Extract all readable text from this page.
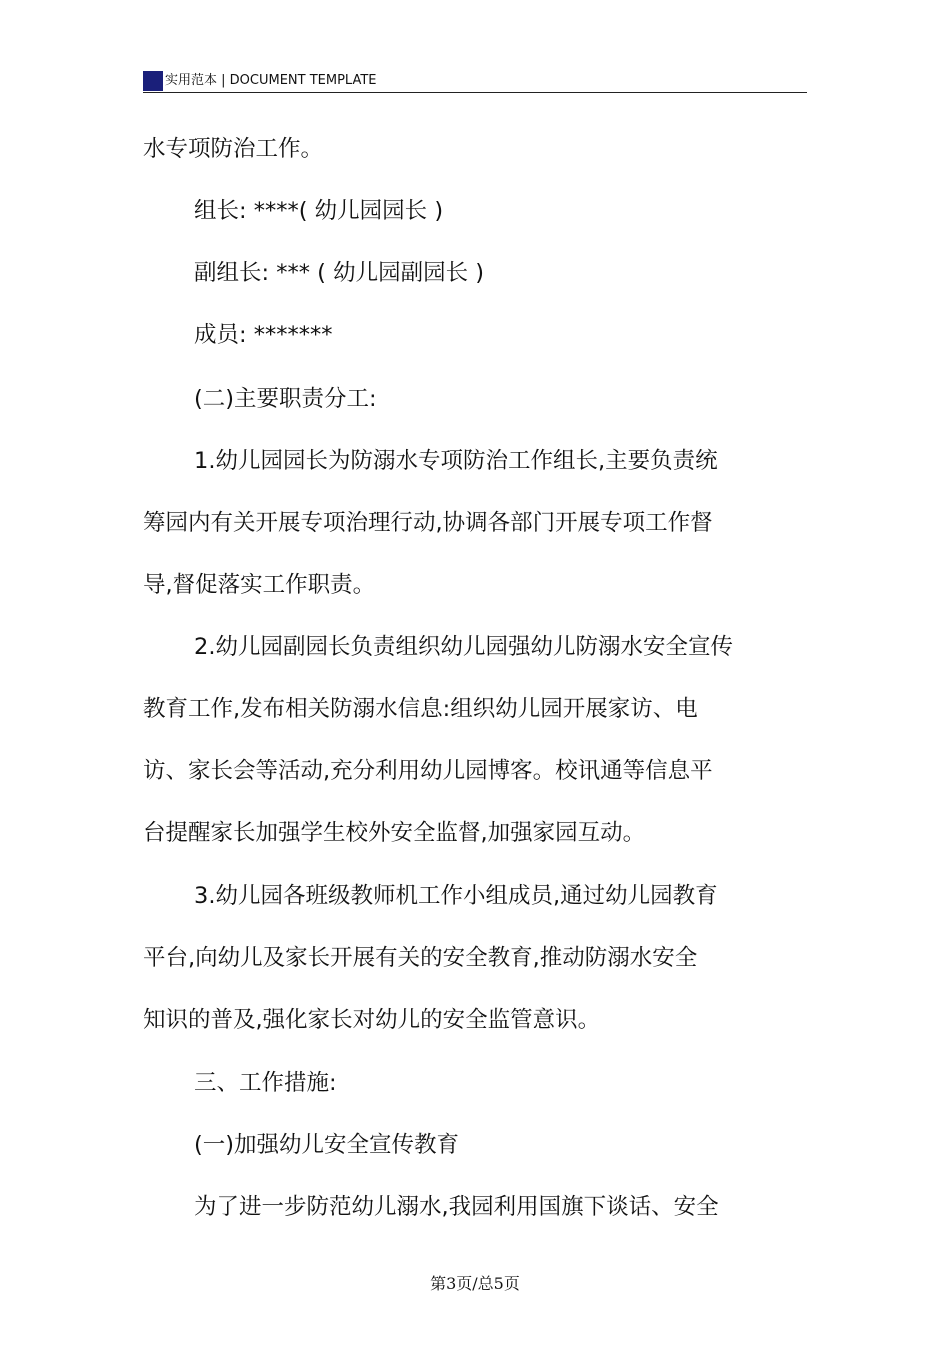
实用范本 | DOCUMENT TEMPLATE
水专项防治工作。
组长: ****( 幼儿园园长 )
副组长: *** ( 幼儿园副园长 )
成员: *******
(二)主要职责分工:
1.幼儿园园长为防溺水专项防治工作组长,主要负责统
筹园内有关开展专项治理行动,协调各部门开展专项工作督
导,督促落实工作职责。
2.幼儿园副园长负责组织幼儿园强幼儿防溺水安全宣传
教育工作,发布相关防溺水信息:组织幼儿园开展家访、电
访、家长会等活动,充分利用幼儿园博客。校讯通等信息平
台提醒家长加强学生校外安全监督,加强家园互动。
3.幼儿园各班级教师机工作小组成员,通过幼儿园教育
平台,向幼儿及家长开展有关的安全教育,推动防溺水安全
知识的普及,强化家长对幼儿的安全监管意识。
三、工作措施:
(一)加强幼儿安全宣传教育
为了进一步防范幼儿溺水,我园利用国旗下谈话、安全
第3页/总5页
